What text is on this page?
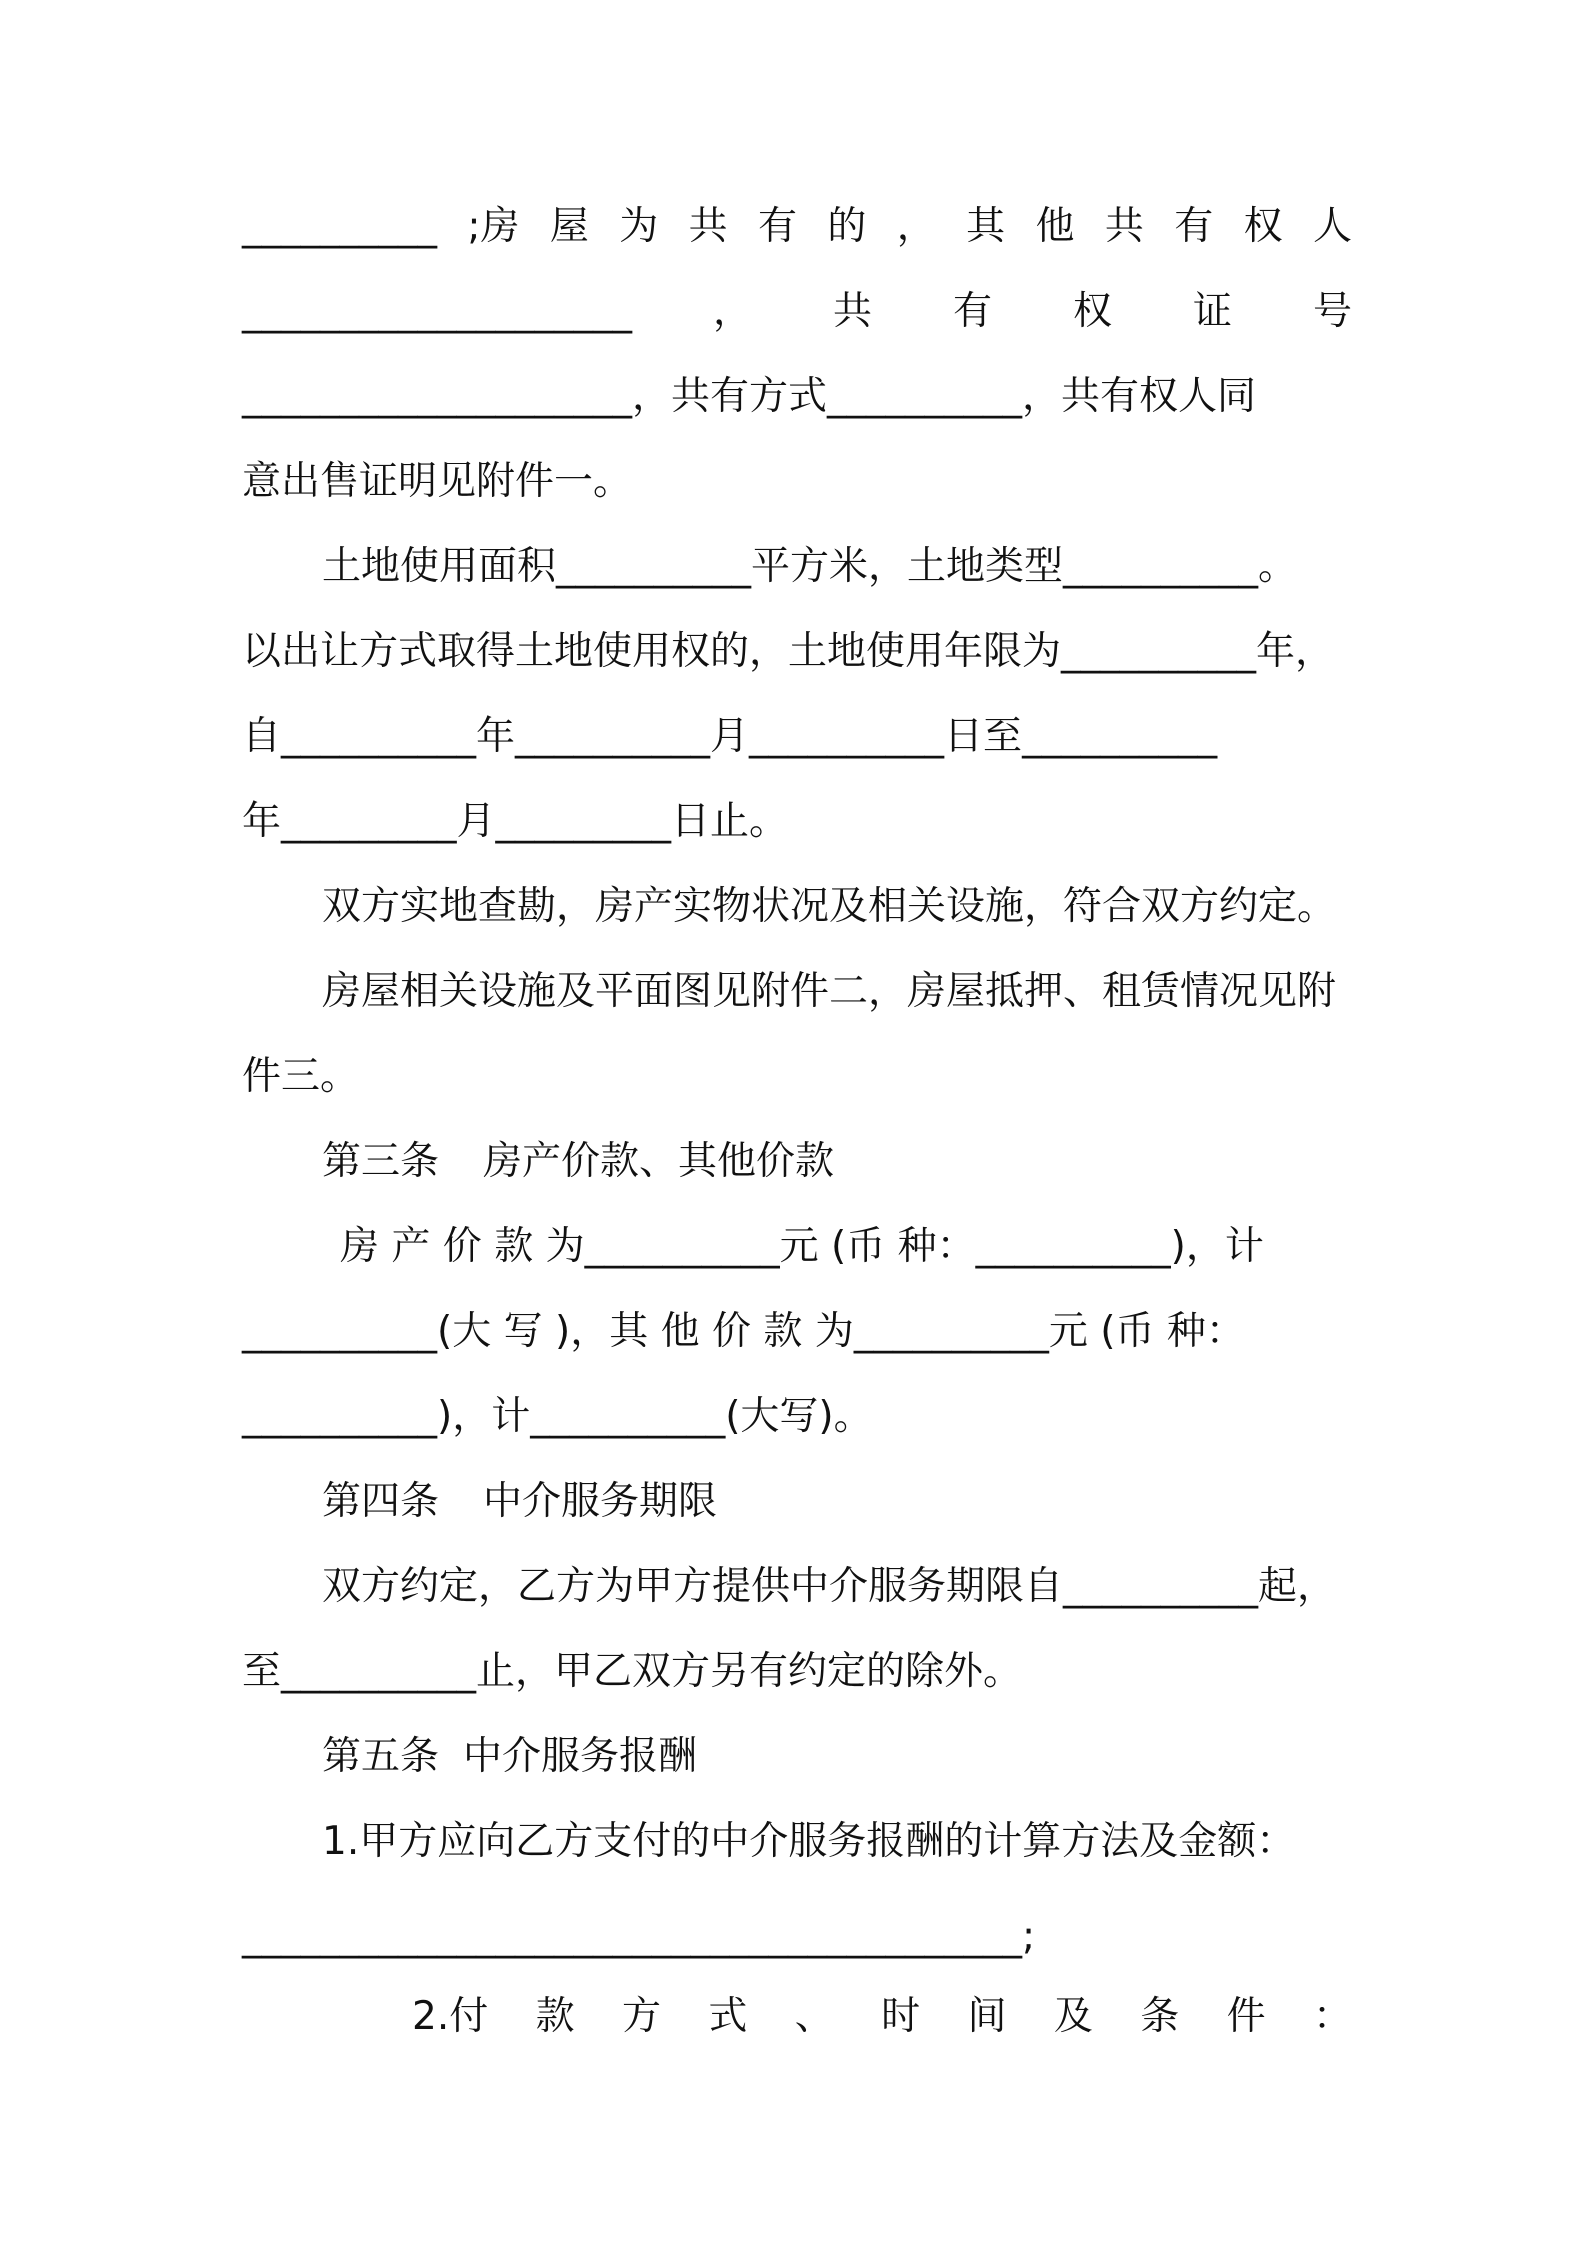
__________ ;房 屋 为 共 有 的 ， 其 他 共 有 权 人
____________________ ， 共 有 权 证 号
____________________ ，共有方式 __________ ，共有权人同
意出售证明见附件一。
土地使用面积 __________ 平方米，土地类型 __________ 。
以出让方式取得土地使用权的，土地使用年限为 __________ 年，
自 __________ 年 __________ 月 __________ 日至 __________
年 _________ 月 _________ 日止。
双方实地查勘，房产实物状况及相关设施，符合双方约定。
房屋相关设施及平面图见附件二，房屋抵押、租赁情况见附
件三。
第三条 房产价款、其他价款
房 产 价 款 为 __________ 元 (币 种： __________ )，计
__________ (大 写 )，其 他 价 款 为 __________ 元 (币 种：
__________ )，计 __________ (大写)。
第四条 中介服务期限
双方约定，乙方为甲方提供中介服务期限自 __________ 起，
至 __________ 止，甲乙双方另有约定的除外。
第五条 中介服务报酬
1.甲方应向乙方支付的中介服务报酬的计算方法及金额：
________________________________________ ;
2.付 款 方 式 、 时 间 及 条 件 ：
